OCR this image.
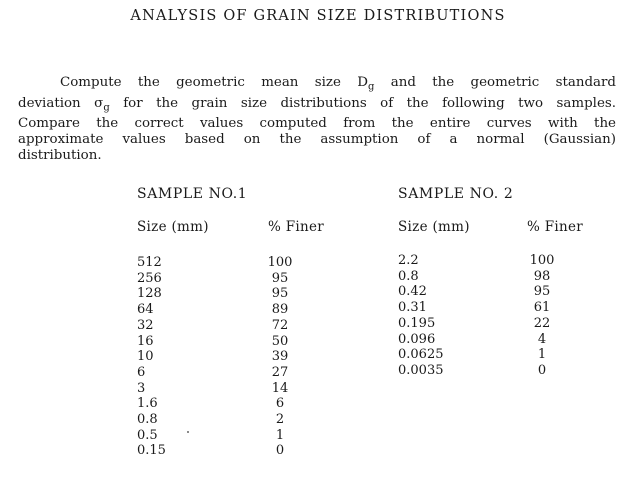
ANALYSIS OF GRAIN SIZE DISTRIBUTIONS
Compute the geometric mean size $D_g$ and the geometric standard
deviation $\sigma_g$ for the grain size distributions of the following two samples.
Compare the correct values computed from the entire curves with the
approximate values based on the assumption of a normal (Gaussian)
distribution.
SAMPLE NO.1
Size (mm)	% Finer
512
256
128
64
32
16
10
6
3
1.6
0.8
0.5
0.15
100
95
95
89
72
50
39
27
14
6
2
1
0
SAMPLE NO. 2
Size (mm)	% Finer
2.2
0.8
0.42
0.31
0.195
0.096
0.0625
0.0035
100
98
95
61
22
4
1
0
